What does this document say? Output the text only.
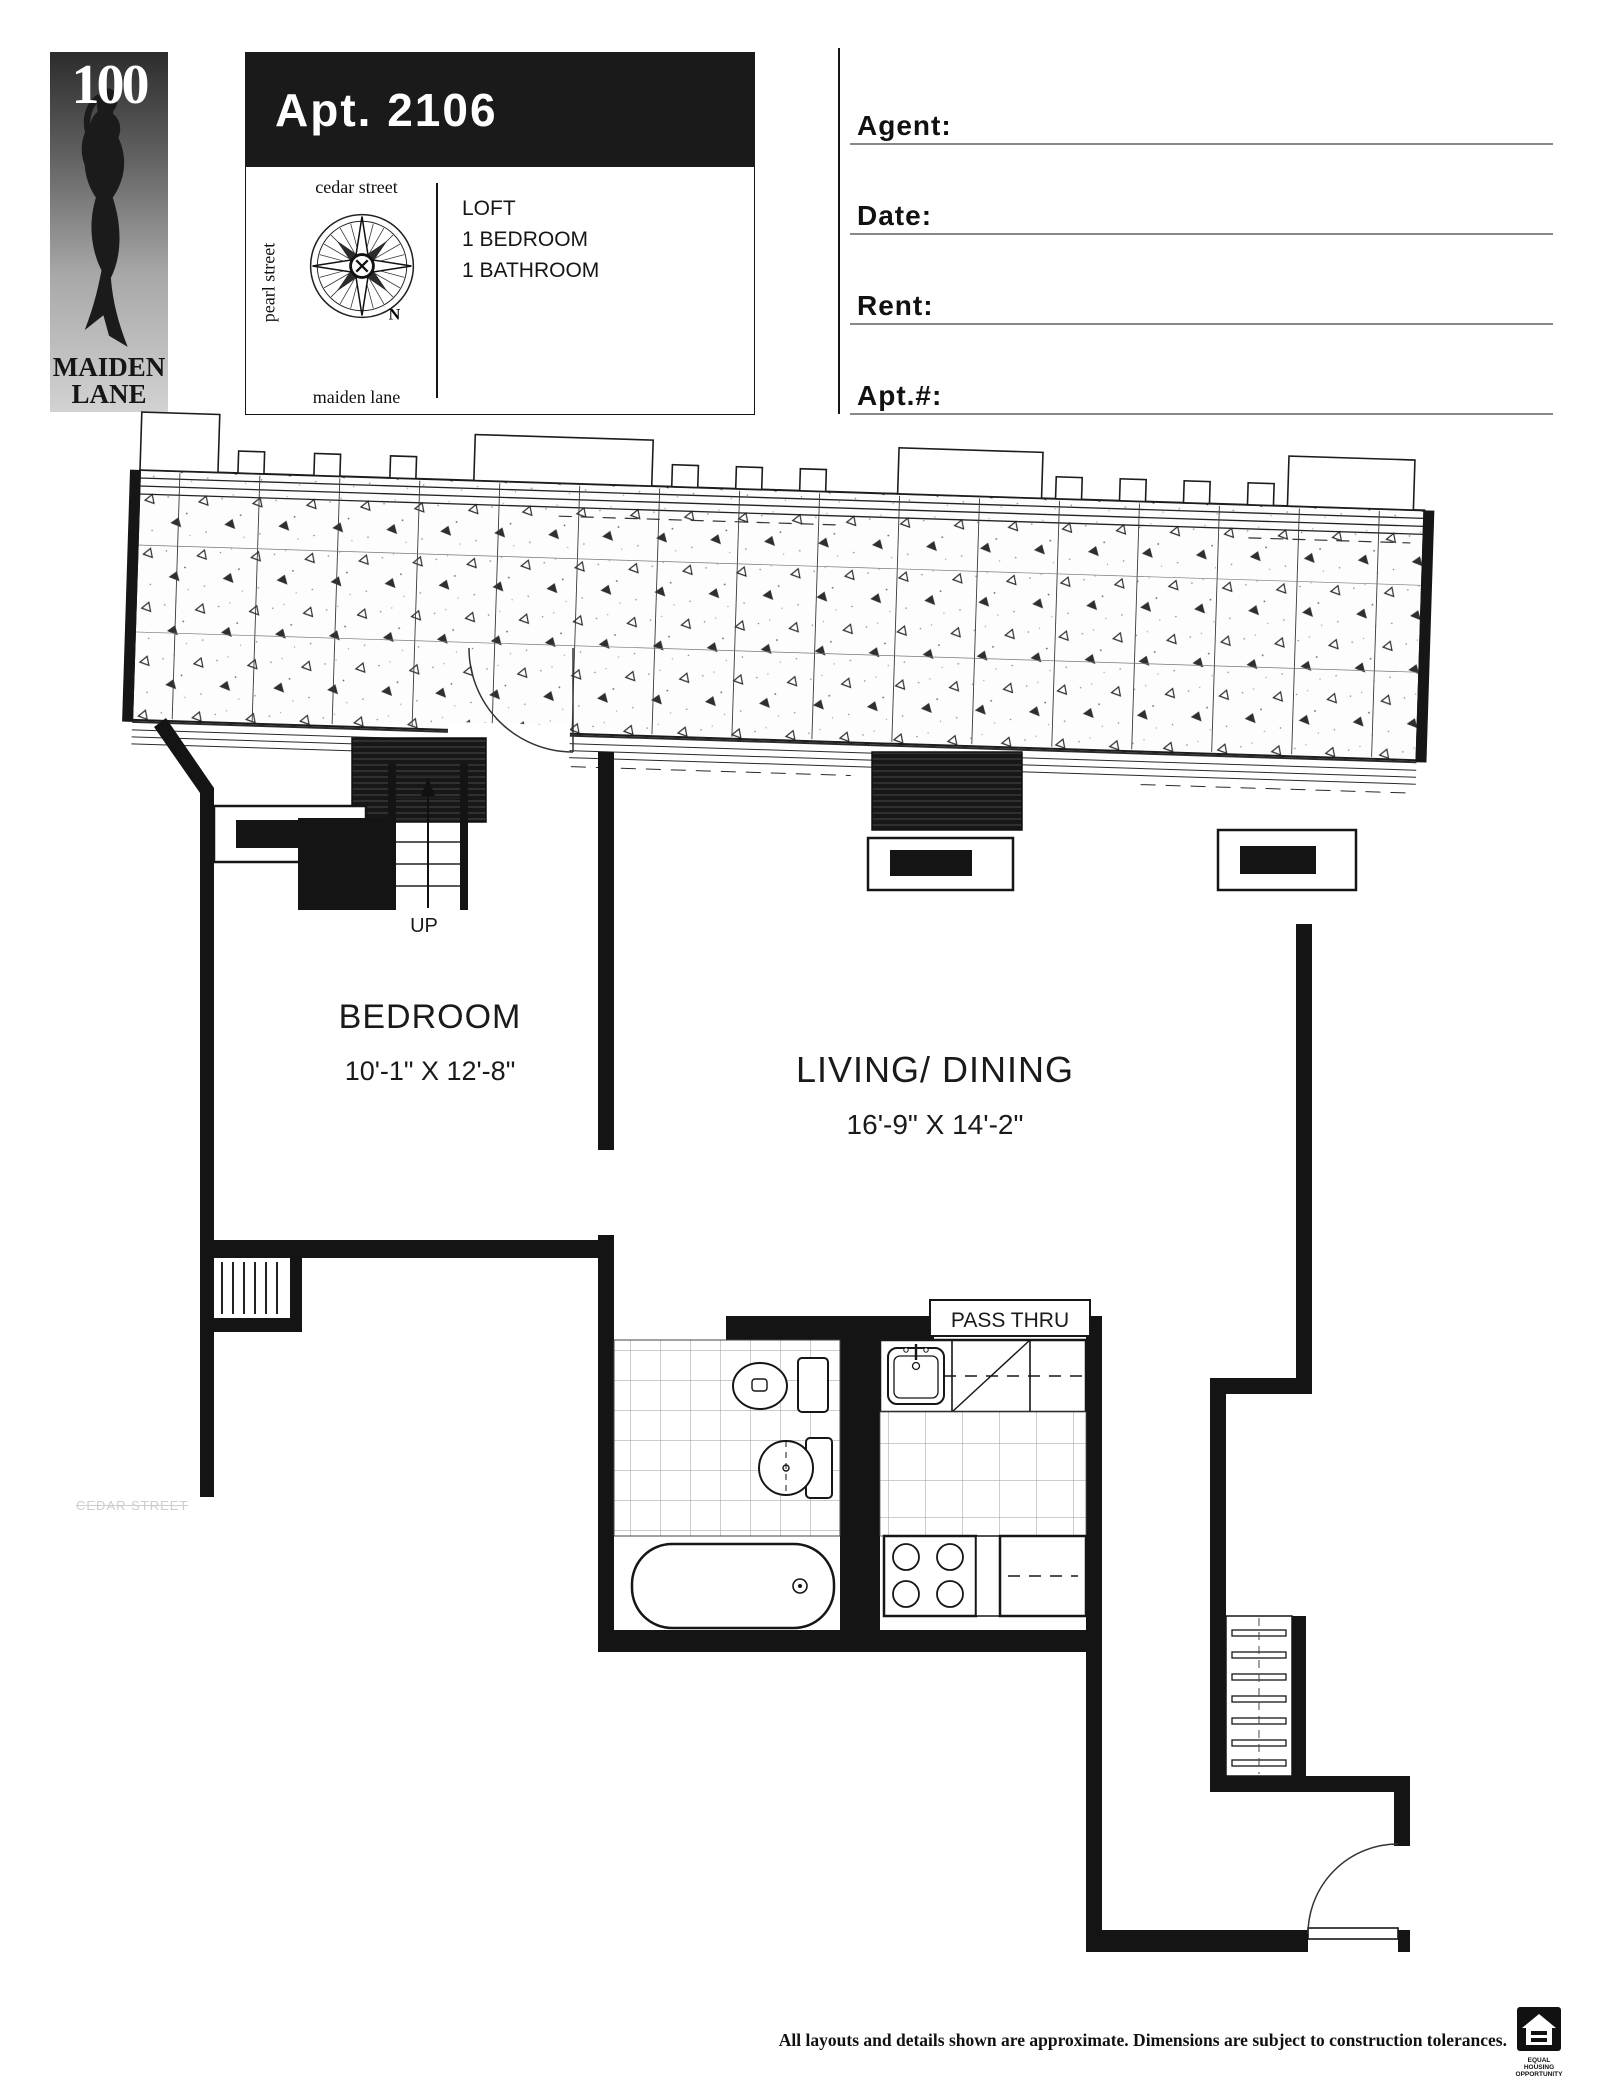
100
MAIDEN
LANE
Apt. 2106
cedar street
pearl street
maiden lane
N
LOFT
1 BEDROOM
1 BATHROOM
Agent:
Date:
Rent:
Apt.#:
UP
PASS THRU
BEDROOM
10'-1" X 12'-8"	LIVING/ DINING
16'-9" X 14'-2"
CEDAR STREET
All layouts and details shown are approximate. Dimensions are subject to construction tolerances.
EQUAL HOUSING
OPPORTUNITY
